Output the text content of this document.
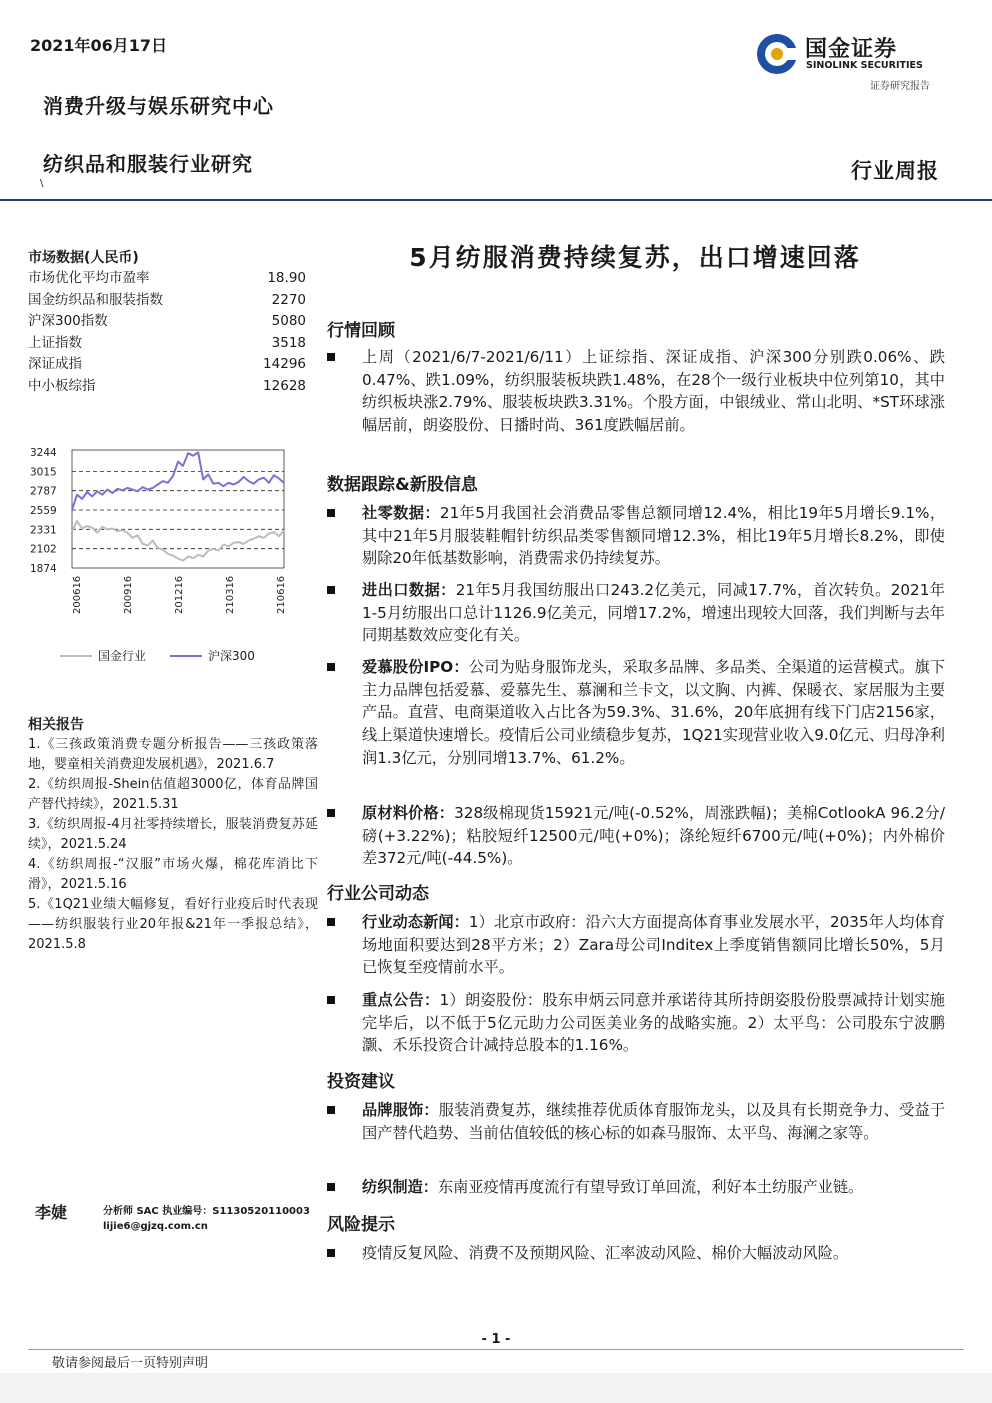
2021年06月17日
消费升级与娱乐研究中心
纺织品和服装行业研究
\
国金证券
SINOLINK SECURITIES
证券研究报告
行业周报
市场数据(人民币)
市场优化平均市盈率	18.90
国金纺织品和服装指数	2270
沪深300指数	5080
上证指数	3518
深证成指	14296
中小板综指	12628
3244
3015
2787
2559
2331
2102
1874
200616	200916	201216	210316	210616
国金行业	沪深300
相关报告
1.《三孩政策消费专题分析报告——三孩政策落地，婴童相关消费迎发展机遇》，2021.6.7
2.《纺织周报-Shein估值超3000亿，体育品牌国产替代持续》，2021.5.31
3.《纺织周报-4月社零持续增长，服装消费复苏延续》，2021.5.24
4.《纺织周报-“汉服”市场火爆，棉花库消比下滑》，2021.5.16
5.《1Q21业绩大幅修复，看好行业疫后时代表现——纺织服装行业20年报&21年一季报总结》，2021.5.8
李婕	分析师 SAC 执业编号：S1130520110003
lijie6@gjzq.com.cn
5月纺服消费持续复苏，出口增速回落
行情回顾
上周（2021/6/7-2021/6/11）上证综指、深证成指、沪深300分别跌0.06%、跌0.47%、跌1.09%，纺织服装板块跌1.48%，在28个一级行业板块中位列第10，其中纺织板块涨2.79%、服装板块跌3.31%。个股方面，中银绒业、常山北明、*ST环球涨幅居前，朗姿股份、日播时尚、361度跌幅居前。
数据跟踪&新股信息
社零数据：21年5月我国社会消费品零售总额同增12.4%，相比19年5月增长9.1%，其中21年5月服装鞋帽针纺织品类零售额同增12.3%，相比19年5月增长8.2%，即使剔除20年低基数影响，消费需求仍持续复苏。
进出口数据：21年5月我国纺服出口243.2亿美元，同减17.7%，首次转负。2021年1-5月纺服出口总计1126.9亿美元，同增17.2%，增速出现较大回落，我们判断与去年同期基数效应变化有关。
爱慕股份IPO：公司为贴身服饰龙头，采取多品牌、多品类、全渠道的运营模式。旗下主力品牌包括爱慕、爱慕先生、慕澜和兰卡文，以文胸、内裤、保暖衣、家居服为主要产品。直营、电商渠道收入占比各为59.3%、31.6%，20年底拥有线下门店2156家，线上渠道快速增长。疫情后公司业绩稳步复苏，1Q21实现营业收入9.0亿元、归母净利润1.3亿元，分别同增13.7%、61.2%。
原材料价格：328级棉现货15921元/吨(-0.52%，周涨跌幅)；美棉CotlookA 96.2分/磅(+3.22%)；粘胶短纤12500元/吨(+0%)；涤纶短纤6700元/吨(+0%)；内外棉价差372元/吨(-44.5%)。
行业公司动态
行业动态新闻：1）北京市政府：沿六大方面提高体育事业发展水平，2035年人均体育场地面积要达到28平方米；2）Zara母公司Inditex上季度销售额同比增长50%，5月已恢复至疫情前水平。
重点公告：1）朗姿股份：股东申炳云同意并承诺待其所持朗姿股份股票减持计划实施完毕后，以不低于5亿元助力公司医美业务的战略实施。2）太平鸟：公司股东宁波鹏灏、禾乐投资合计减持总股本的1.16%。
投资建议
品牌服饰：服装消费复苏，继续推荐优质体育服饰龙头，以及具有长期竞争力、受益于国产替代趋势、当前估值较低的核心标的如森马服饰、太平鸟、海澜之家等。
纺织制造：东南亚疫情再度流行有望导致订单回流，利好本土纺服产业链。
风险提示
疫情反复风险、消费不及预期风险、汇率波动风险、棉价大幅波动风险。
- 1 -
敬请参阅最后一页特别声明
